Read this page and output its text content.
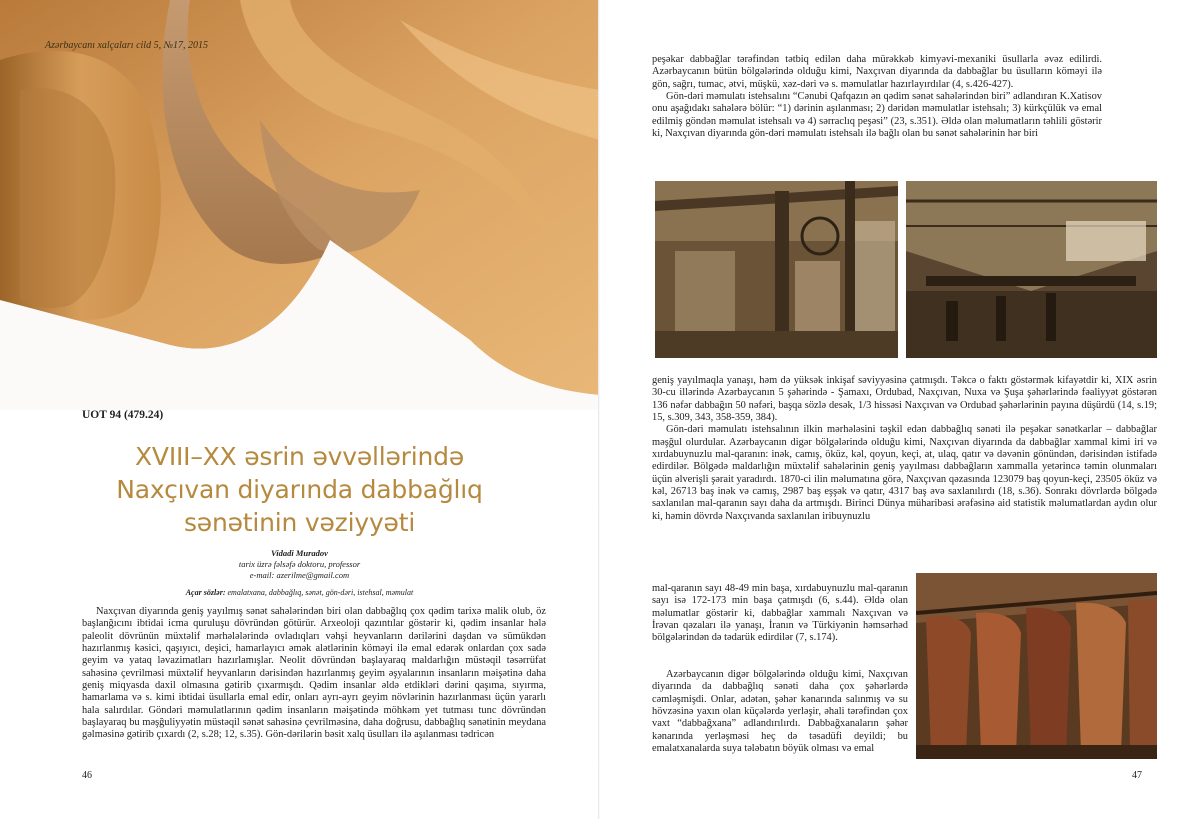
Azərbaycanı xalçaları cild 5, №17, 2015
UOT 94 (479.24)
XVIII–XX əsrin əvvəllərində
Naxçıvan diyarında dabbağlıq
sənətinin vəziyyəti
Vidadi Muradov
tarix üzrə fəlsəfə doktoru, professor
e-mail: azerilme@gmail.com
Açar sözlər: emalatxana, dabbağlıq, sənət, gön-dəri, istehsal, məmulat

Naxçıvan diyarında geniş yayılmış sənət sahələrindən biri olan dabbağlıq çox qədim tarixə malik olub, öz başlanğıcını ibtidai icma quruluşu dövründən götürür. Arxeoloji qazıntılar göstərir ki, qədim insanlar hələ paleolit dövrünün müxtəlif mərhələlərində ovladıqları vəhşi heyvanların dərilərini daşdan və sümükdən hazırlanmış kəsici, qaşıyıcı, deşici, hamarlayıcı əmək alətlərinin köməyi ilə emal edərək onlardan çox sadə geyim və yataq ləvazimatları hazırlamışlar. Neolit dövründən başlayaraq maldarlığın müstəqil təsərrüfat sahəsinə çevrilməsi müxtəlif heyvanların dərisindən hazırlanmış geyim əşyalarının insanların məişətinə daha geniş miqyasda daxil olmasına gətirib çıxarmışdı. Qədim insanlar əldə etdikləri dərini qaşıma, sıyırma, hamarlama və s. kimi ibtidai üsullarla emal edir, onları ayrı-ayrı geyim növlərinin hazırlanması üçün yararlı hala salırdılar. Göndəri məmulatlarının qədim insanların məişətində möhkəm yet tutması tunc dövründən başlayaraq bu məşğuliyyətin müstəqil sənət sahəsinə çevrilməsinə, daha doğrusu, dabbağlıq sənətinin meydana gəlməsinə gətirib çıxardı (2, s.28; 12, s.35). Gön-dərilərin bəsit xalq üsulları ilə aşılanması tədricən

46

peşəkar dabbağlar tərəfindən tətbiq edilən daha mürəkkəb kimyəvi-mexaniki üsullarla əvəz edilirdi. Azərbaycanın bütün bölgələrində olduğu kimi, Naxçıvan diyarında da dabbağlar bu üsulların köməyi ilə gön, sağrı, tumac, ətvi, müşkü, xəz-dəri və s. məmulatlar hazırlayırdılar (4, s.426-427).

Gön-dəri məmulatı istehsalını “Cənubi Qafqazın ən qədim sənət sahələrindən biri” adlandıran K.Xatisov onu aşağıdakı sahələrə bölür: “1) dərinin aşılanması; 2) dəridən məmulatlar istehsalı; 3) kürkçülük və emal edilmiş göndən məmulat istehsalı və 4) sərraclıq peşəsi” (23, s.351). Əldə olan məlumatların təhlili göstərir ki, Naxçıvan diyarında gön-dəri məmulatı istehsalı ilə bağlı olan bu sənət sahələrinin hər biri

geniş yayılmaqla yanaşı, həm də yüksək inkişaf səviyyəsinə çatmışdı. Təkcə o faktı göstərmək kifayətdir ki, XIX əsrin 30-cu illərində Azərbaycanın 5 şəhərində - Şamaxı, Ordubad, Naxçıvan, Nuxa və Şuşa şəhərlərində fəaliyyət göstərən 136 nəfər dabbağın 50 nəfəri, başqa sözlə desək, 1/3 hissəsi Naxçıvan və Ordubad şəhərlərinin payına düşürdü (14, s.19; 15, s.309, 343, 358-359, 384).

Gön-dəri məmulatı istehsalının ilkin mərhələsini təşkil edən dabbağlıq sənəti ilə peşəkar sənətkarlar – dabbağlar məşğul olurdular. Azərbaycanın digər bölgələrində olduğu kimi, Naxçıvan diyarında da dabbağlar xammal kimi iri və xırdabuynuzlu mal-qaranın: inək, camış, öküz, kəl, qoyun, keçi, at, ulaq, qatır və dəvənin gönündən, dərisindən istifadə edirdilər. Bölgədə maldarlığın müxtəlif sahələrinin geniş yayılması dabbağların xammalla yetərincə təmin olunmaları üçün əlverişli şərait yaradırdı. 1870-ci ilin məlumatına görə, Naxçıvan qəzasında 123079 baş qoyun-keçi, 23505 öküz və kəl, 26713 baş inək və camış, 2987 baş eşşək və qatır, 4317 baş əvə saxlanılırdı (18, s.36). Sonrakı dövrlərdə bölgədə saxlanılan mal-qaranın sayı daha da artmışdı. Birinci Dünya müharibəsi ərəfəsinə aid statistik məlumatlardan aydın olur ki, həmin dövrdə Naxçıvanda saxlanılan iribuynuzlu

mal-qaranın sayı 48-49 min başa, xırdabuynuzlu mal-qaranın sayı isə 172-173 min başa çatmışdı (6, s.44). Əldə olan məlumatlar göstərir ki, dabbağlar xammalı Naxçıvan və İrəvan qəzaları ilə yanaşı, İranın və Türkiyənin həmsərhəd bölgələrindən də tədarük edirdilər (7, s.174).

Azərbaycanın digər bölgələrində olduğu kimi, Naxçıvan diyarında da dabbağlıq sənəti daha çox şəhərlərdə cəmləşmişdi. Onlar, adətən, şəhər kənarında salınmış və su hövzəsinə yaxın olan küçələrdə yerləşir, əhali tərəfindən çox vaxt “dabbağxana” adlandırılırdı. Dabbağxanaların şəhər kənarında yerləşməsi heç də təsadüfi deyildi; bu emalatxanalarda suya tələbatın böyük olması və emal

47
